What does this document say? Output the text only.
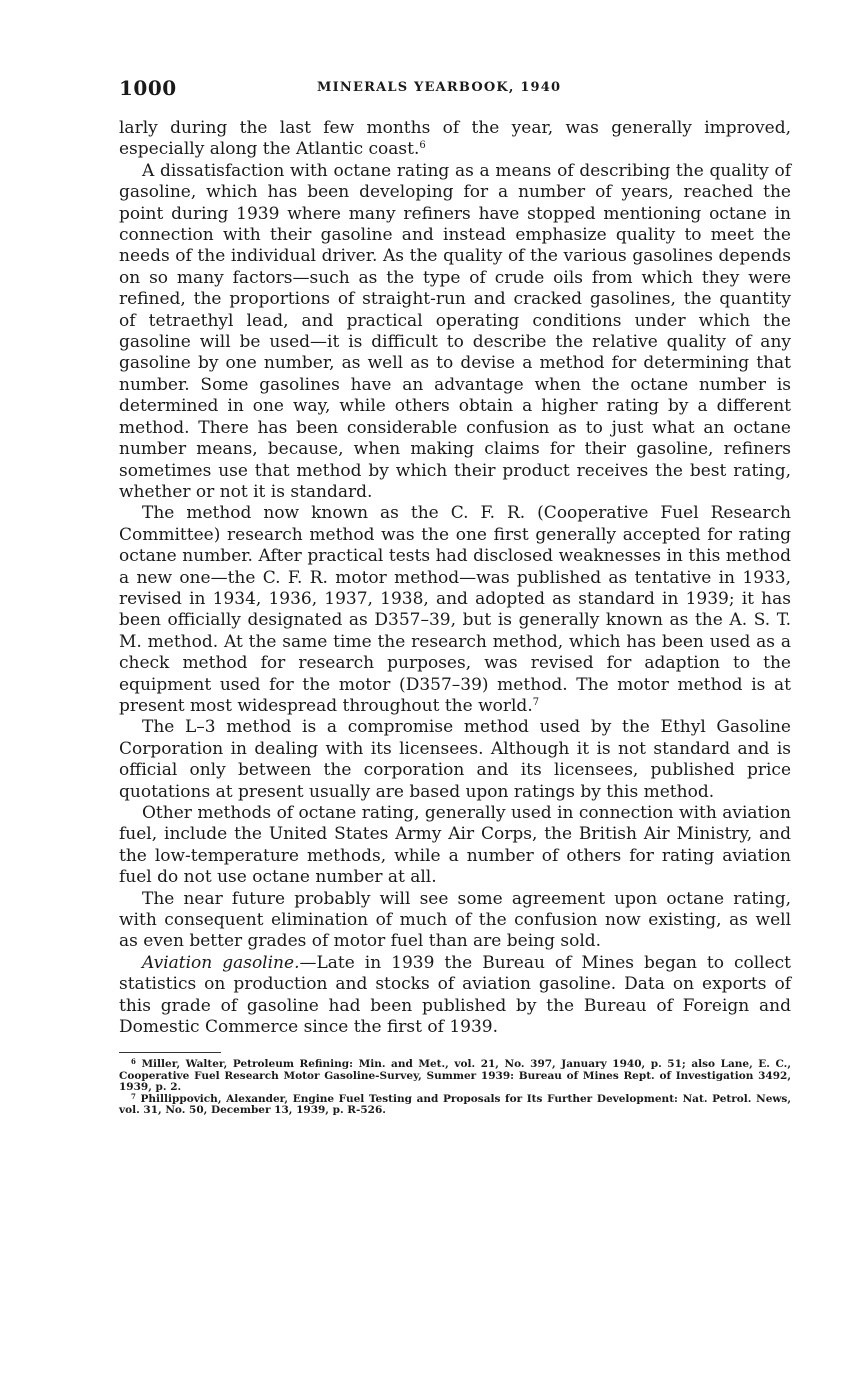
1000	MINERALS YEARBOOK, 1940

larly during the last few months of the year, was generally improved, especially along the Atlantic coast.$^6$

A dissatisfaction with octane rating as a means of describing the quality of gasoline, which has been developing for a number of years, reached the point during 1939 where many refiners have stopped mentioning octane in connection with their gasoline and instead emphasize quality to meet the needs of the individual driver. As the quality of the various gasolines depends on so many factors—such as the type of crude oils from which they were refined, the proportions of straight-run and cracked gasolines, the quantity of tetraethyl lead, and practical operating conditions under which the gasoline will be used—it is difficult to describe the relative quality of any gasoline by one number, as well as to devise a method for determining that number. Some gasolines have an advantage when the octane number is determined in one way, while others obtain a higher rating by a different method. There has been considerable confusion as to just what an octane number means, because, when making claims for their gasoline, refiners sometimes use that method by which their product receives the best rating, whether or not it is standard.

The method now known as the C. F. R. (Cooperative Fuel Research Committee) research method was the one first generally accepted for rating octane number. After practical tests had disclosed weaknesses in this method a new one—the C. F. R. motor method—was published as tentative in 1933, revised in 1934, 1936, 1937, 1938, and adopted as standard in 1939; it has been officially designated as D357–39, but is generally known as the A. S. T. M. method. At the same time the research method, which has been used as a check method for research purposes, was revised for adaption to the equipment used for the motor (D357–39) method. The motor method is at present most widespread throughout the world.$^7$

The L–3 method is a compromise method used by the Ethyl Gasoline Corporation in dealing with its licensees. Although it is not standard and is official only between the corporation and its licensees, published price quotations at present usually are based upon ratings by this method.

Other methods of octane rating, generally used in connection with aviation fuel, include the United States Army Air Corps, the British Air Ministry, and the low-temperature methods, while a number of others for rating aviation fuel do not use octane number at all.

The near future probably will see some agreement upon octane rating, with consequent elimination of much of the confusion now existing, as well as even better grades of motor fuel than are being sold.

Aviation gasoline.—Late in 1939 the Bureau of Mines began to collect statistics on production and stocks of aviation gasoline. Data on exports of this grade of gasoline had been published by the Bureau of Foreign and Domestic Commerce since the first of 1939.

$^6$ Miller, Walter, Petroleum Refining: Min. and Met., vol. 21, No. 397, January 1940, p. 51; also Lane, E. C., Cooperative Fuel Research Motor Gasoline-Survey, Summer 1939: Bureau of Mines Rept. of Investigation 3492, 1939, p. 2.

$^7$ Phillippovich, Alexander, Engine Fuel Testing and Proposals for Its Further Development: Nat. Petrol. News, vol. 31, No. 50, December 13, 1939, p. R-526.
